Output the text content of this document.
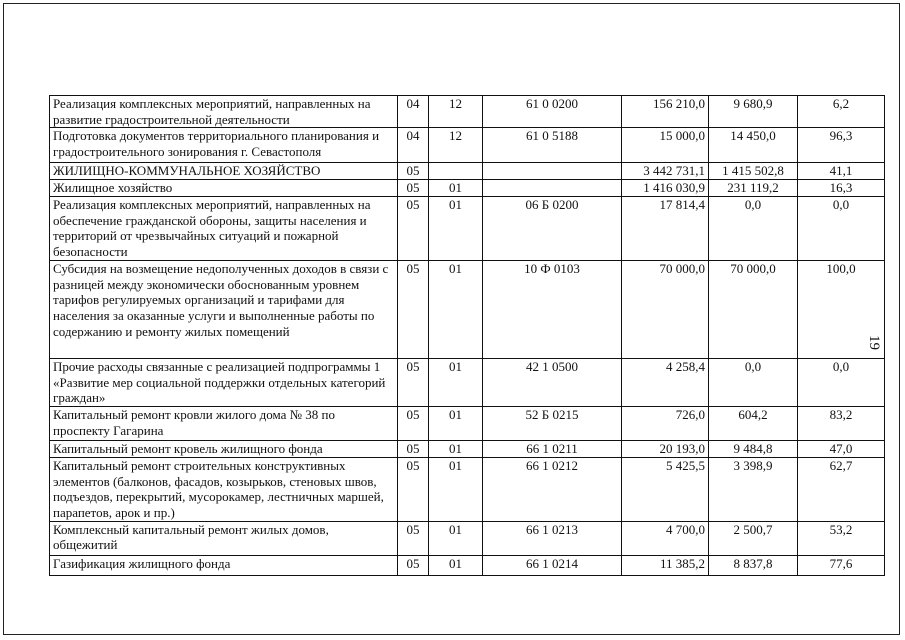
19
Реализация комплексных мероприятий, направленных на развитие градостроительной деятельности	04	12	61 0 0200	156 210,0	9 680,9	6,2
Подготовка документов территориального планирования и градостроительного зонирования г. Севастополя	04	12	61 0 5188	15 000,0	14 450,0	96,3
ЖИЛИЩНО-КОММУНАЛЬНОЕ ХОЗЯЙСТВО	05			3 442 731,1	1 415 502,8	41,1
Жилищное хозяйство	05	01		1 416 030,9	231 119,2	16,3
Реализация комплексных мероприятий, направленных на обеспечение гражданской обороны, защиты населения и территорий от чрезвычайных ситуаций и пожарной безопасности	05	01	06 Б 0200	17 814,4	0,0	0,0
Субсидия на возмещение недополученных доходов в связи с разницей между экономически обоснованным уровнем тарифов регулируемых организаций и тарифами для населения за оказанные услуги и выполненные работы по содержанию и ремонту жилых помещений	05	01	10 Ф 0103	70 000,0	70 000,0	100,0
Прочие расходы связанные с реализацией подпрограммы 1 «Развитие мер социальной поддержки отдельных категорий граждан»	05	01	42 1 0500	4 258,4	0,0	0,0
Капитальный ремонт кровли жилого дома № 38 по проспекту Гагарина	05	01	52 Б 0215	726,0	604,2	83,2
Капитальный ремонт кровель жилищного фонда	05	01	66 1 0211	20 193,0	9 484,8	47,0
Капитальный ремонт строительных конструктивных элементов (балконов, фасадов, козырьков, стеновых швов, подъездов, перекрытий, мусорокамер, лестничных маршей, парапетов, арок и пр.)	05	01	66 1 0212	5 425,5	3 398,9	62,7
Комплексный капитальный ремонт жилых домов, общежитий	05	01	66 1 0213	4 700,0	2 500,7	53,2
Газификация жилищного фонда	05	01	66 1 0214	11 385,2	8 837,8	77,6
